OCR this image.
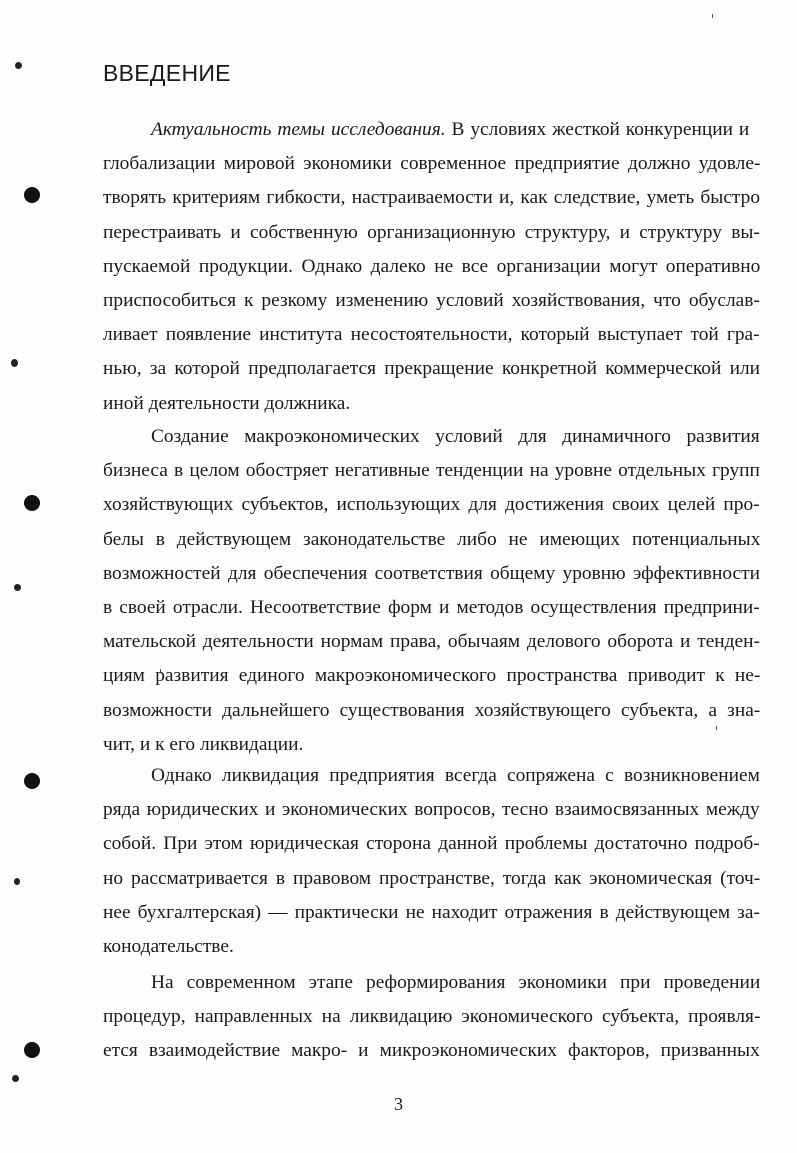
ВВЕДЕНИЕ
Актуальность темы исследования. В условиях жесткой конкуренции и
глобализации мировой экономики современное предприятие должно удовле-
творять критериям гибкости, настраиваемости и, как следствие, уметь быстро
перестраивать и собственную организационную структуру, и структуру вы-
пускаемой продукции. Однако далеко не все организации могут оперативно
приспособиться к резкому изменению условий хозяйствования, что обуслав-
ливает появление института несостоятельности, который выступает той гра-
нью, за которой предполагается прекращение конкретной коммерческой или
иной деятельности должника.
Создание макроэкономических условий для динамичного развития
бизнеса в целом обостряет негативные тенденции на уровне отдельных групп
хозяйствующих субъектов, использующих для достижения своих целей про-
белы в действующем законодательстве либо не имеющих потенциальных
возможностей для обеспечения соответствия общему уровню эффективности
в своей отрасли. Несоответствие форм и методов осуществления предприни-
мательской деятельности нормам права, обычаям делового оборота и тенден-
циям развития единого макроэкономического пространства приводит к не-
возможности дальнейшего существования хозяйствующего субъекта, а зна-
чит, и к его ликвидации.
Однако ликвидация предприятия всегда сопряжена с возникновением
ряда юридических и экономических вопросов, тесно взаимосвязанных между
собой. При этом юридическая сторона данной проблемы достаточно подроб-
но рассматривается в правовом пространстве, тогда как экономическая (точ-
нее бухгалтерская) — практически не находит отражения в действующем за-
конодательстве.
На современном этапе реформирования экономики при проведении
процедур, направленных на ликвидацию экономического субъекта, проявля-
ется взаимодействие макро- и микроэкономических факторов, призванных
3
